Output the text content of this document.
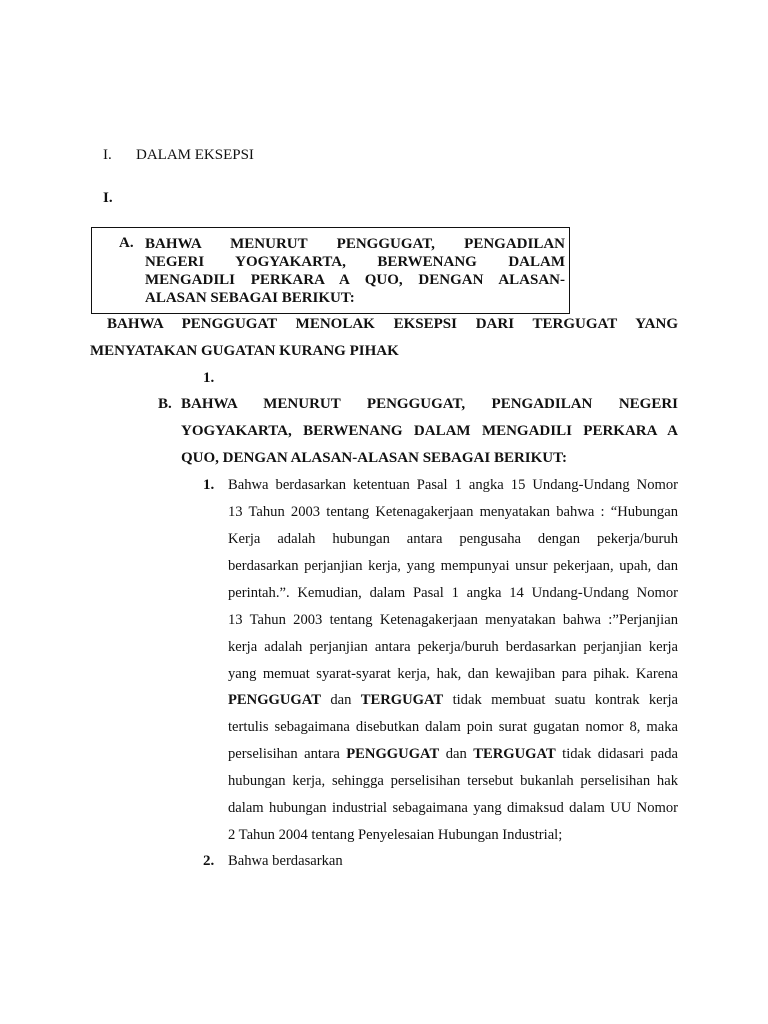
I. DALAM EKSEPSI
I.
A. BAHWA MENURUT PENGGUGAT, PENGADILAN
NEGERI YOGYAKARTA, BERWENANG DALAM
MENGADILI PERKARA A QUO, DENGAN ALASAN-
ALASAN SEBAGAI BERIKUT:
BAHWA PENGGUGAT MENOLAK EKSEPSI DARI TERGUGAT YANG
MENYATAKAN GUGATAN KURANG PIHAK
1.
B. BAHWA MENURUT PENGGUGAT, PENGADILAN NEGERI
YOGYAKARTA, BERWENANG DALAM MENGADILI PERKARA A
QUO, DENGAN ALASAN-ALASAN SEBAGAI BERIKUT:
1. Bahwa berdasarkan ketentuan Pasal 1 angka 15 Undang-Undang Nomor
13 Tahun 2003 tentang Ketenagakerjaan menyatakan bahwa : “Hubungan
Kerja adalah hubungan antara pengusaha dengan pekerja/buruh
berdasarkan perjanjian kerja, yang mempunyai unsur pekerjaan, upah, dan
perintah.”. Kemudian, dalam Pasal 1 angka 14 Undang-Undang Nomor
13 Tahun 2003 tentang Ketenagakerjaan menyatakan bahwa :”Perjanjian
kerja adalah perjanjian antara pekerja/buruh berdasarkan perjanjian kerja
yang memuat syarat-syarat kerja, hak, dan kewajiban para pihak. Karena
PENGGUGAT dan TERGUGAT tidak membuat suatu kontrak kerja
tertulis sebagaimana disebutkan dalam poin surat gugatan nomor 8, maka
perselisihan antara PENGGUGAT dan TERGUGAT tidak didasari pada
hubungan kerja, sehingga perselisihan tersebut bukanlah perselisihan hak
dalam hubungan industrial sebagaimana yang dimaksud dalam UU Nomor
2 Tahun 2004 tentang Penyelesaian Hubungan Industrial;
2. Bahwa berdasarkan
